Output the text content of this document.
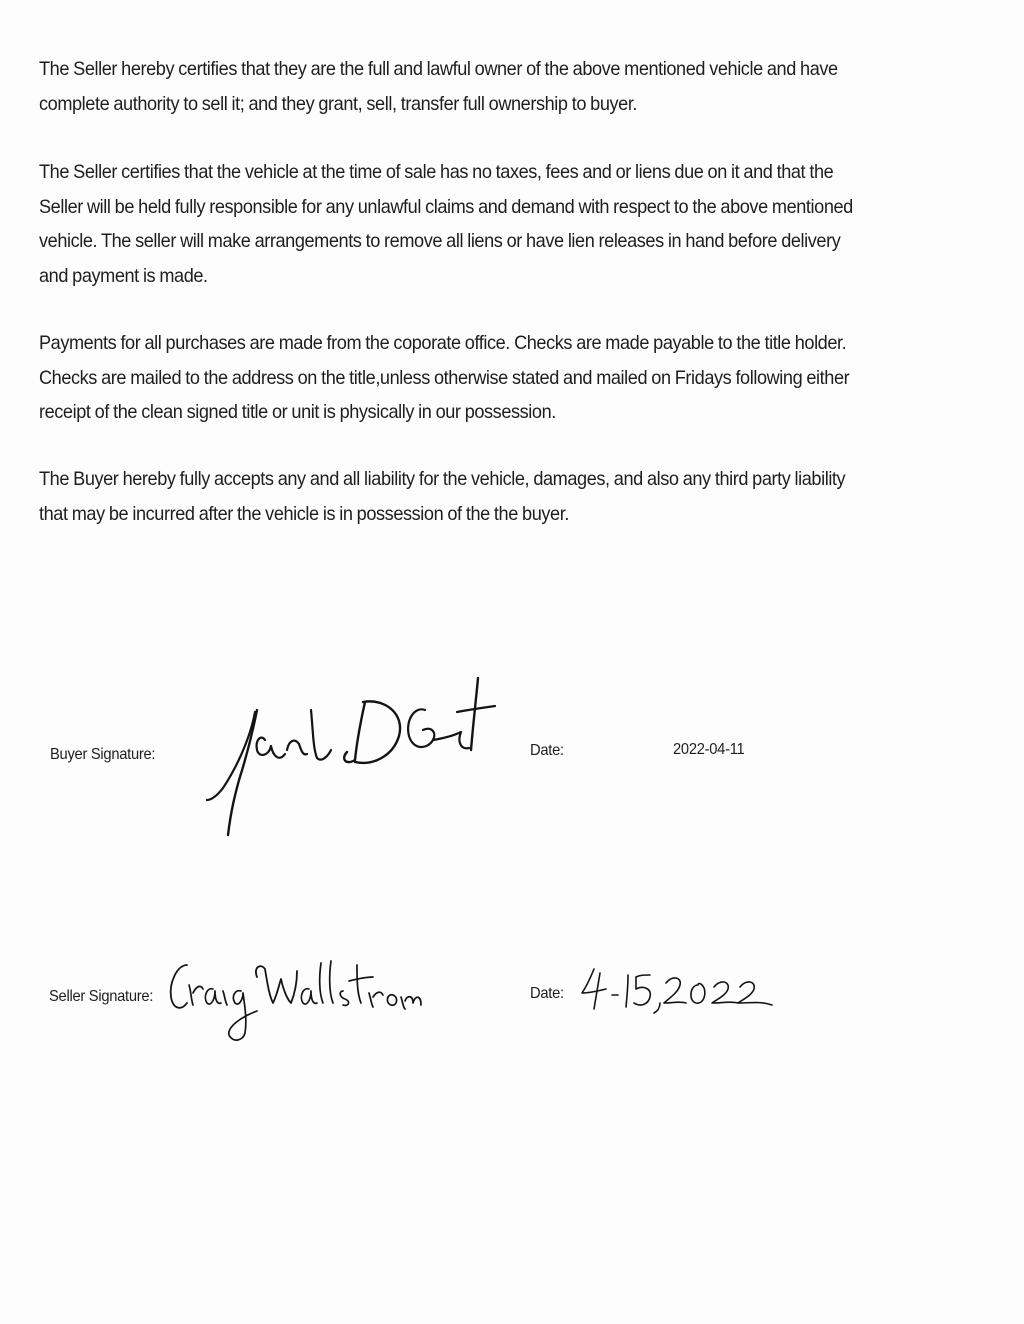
The Seller hereby certifies that they are the full and lawful owner of the above mentioned vehicle and have
complete authority to sell it; and they grant, sell, transfer full ownership to buyer.

The Seller certifies that the vehicle at the time of sale has no taxes, fees and or liens due on it and that the
Seller will be held fully responsible for any unlawful claims and demand with respect to the above mentioned
vehicle. The seller will make arrangements to remove all liens or have lien releases in hand before delivery
and payment is made.

Payments for all purchases are made from the coporate office. Checks are made payable to the title holder.
Checks are mailed to the address on the title,unless otherwise stated and mailed on Fridays following either
receipt of the clean signed title or unit is physically in our possession.

The Buyer hereby fully accepts any and all liability for the vehicle, damages, and also any third party liability
that may be incurred after the vehicle is in possession of the the buyer.

Buyer Signature:	Date:	2022-04-11
Seller Signature:	Date:
